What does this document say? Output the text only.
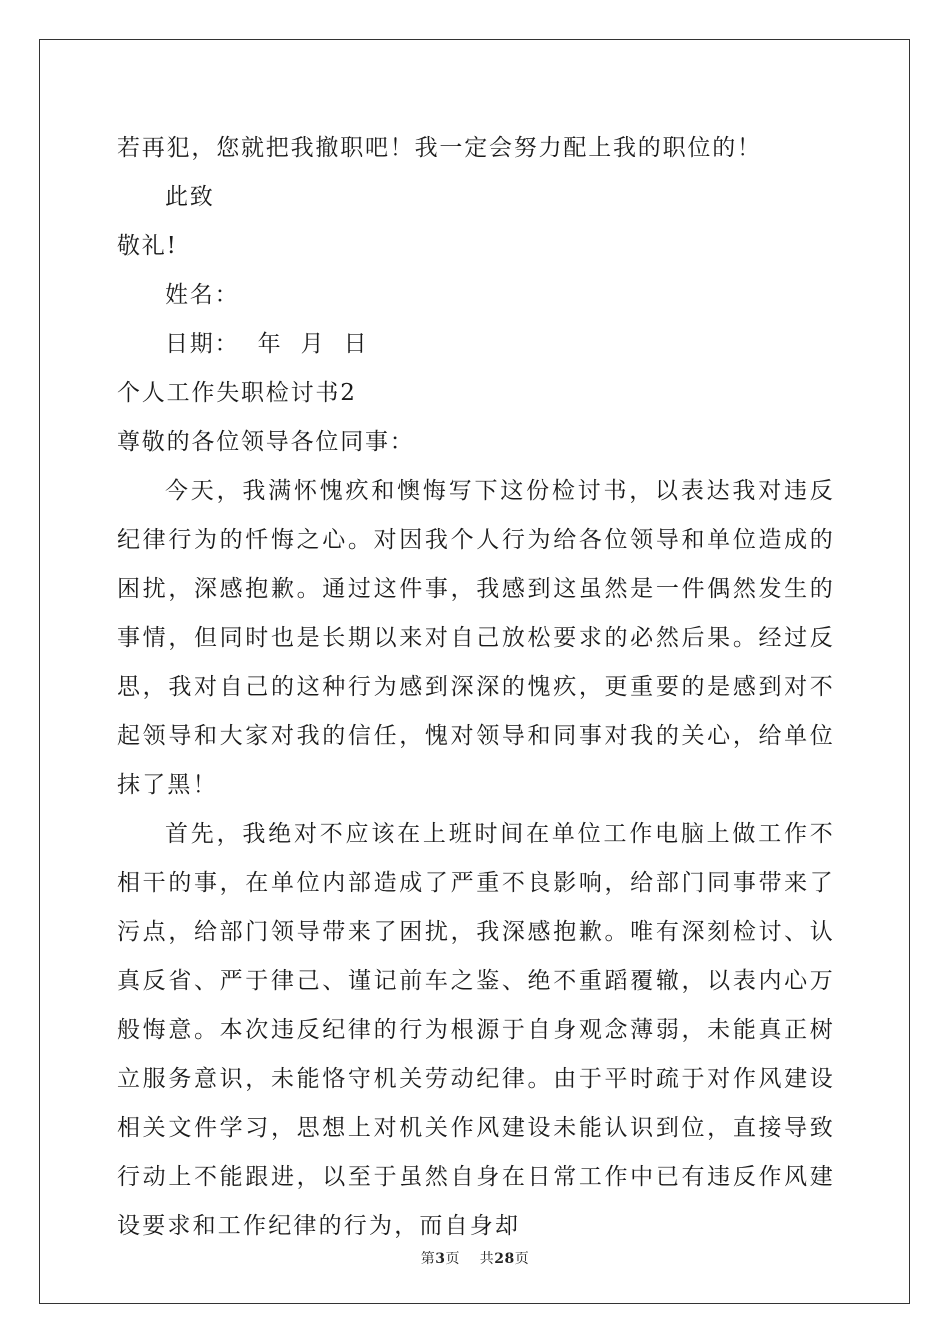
若再犯，您就把我撤职吧！我一定会努力配上我的职位的！

此致

敬礼!

姓名：

日期：  年  月  日

个人工作失职检讨书2

尊敬的各位领导各位同事：

今天，我满怀愧疚和懊悔写下这份检讨书，以表达我对违反纪律行为的忏悔之心。对因我个人行为给各位领导和单位造成的困扰，深感抱歉。通过这件事，我感到这虽然是一件偶然发生的事情，但同时也是长期以来对自己放松要求的必然后果。经过反思，我对自己的这种行为感到深深的愧疚，更重要的是感到对不起领导和大家对我的信任，愧对领导和同事对我的关心，给单位抹了黑！

首先，我绝对不应该在上班时间在单位工作电脑上做工作不相干的事，在单位内部造成了严重不良影响，给部门同事带来了污点，给部门领导带来了困扰，我深感抱歉。唯有深刻检讨、认真反省、严于律己、谨记前车之鉴、绝不重蹈覆辙，以表内心万般悔意。本次违反纪律的行为根源于自身观念薄弱，未能真正树立服务意识，未能恪守机关劳动纪律。由于平时疏于对作风建设相关文件学习，思想上对机关作风建设未能认识到位，直接导致行动上不能跟进，以至于虽然自身在日常工作中已有违反作风建设要求和工作纪律的行为，而自身却

第3页    共28页
